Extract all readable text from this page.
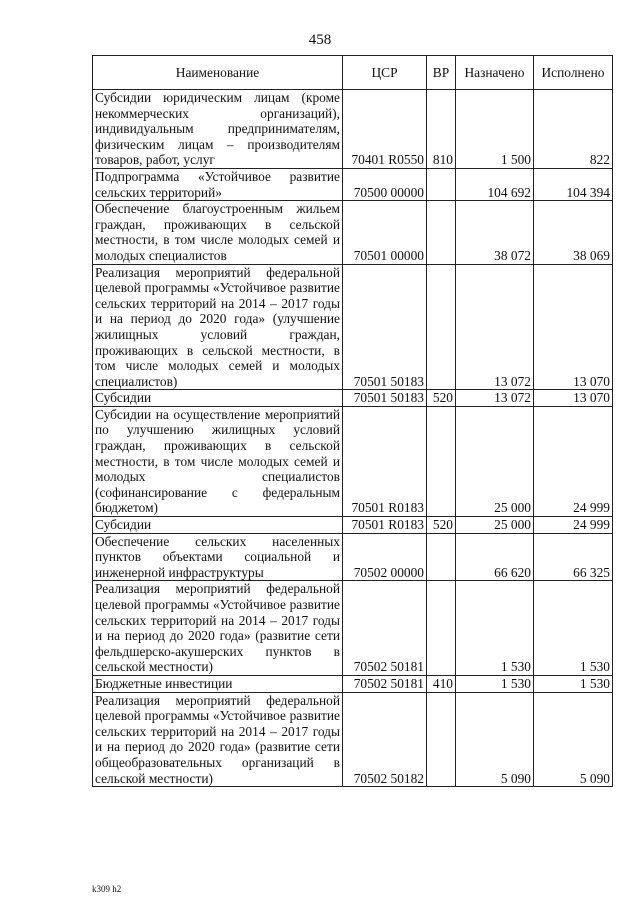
458
Наименование	ЦСР	ВР	Назначено	Исполнено
Субсидии юридическим лицам (кроме некоммерческих организаций), индивидуальным предпринимателям, физическим лицам – производителям товаров, работ, услуг	70401 R0550	810	1 500	822
Подпрограмма «Устойчивое развитие сельских территорий»	70500 00000		104 692	104 394
Обеспечение благоустроенным жильем граждан, проживающих в сельской местности, в том числе молодых семей и молодых специалистов	70501 00000		38 072	38 069
Реализация мероприятий федеральной целевой программы «Устойчивое развитие сельских территорий на 2014 – 2017 годы и на период до 2020 года» (улучшение жилищных условий граждан, проживающих в сельской местности, в том числе молодых семей и молодых специалистов)	70501 50183		13 072	13 070
Субсидии	70501 50183	520	13 072	13 070
Субсидии на осуществление мероприятий по улучшению жилищных условий граждан, проживающих в сельской местности, в том числе молодых семей и молодых специалистов (софинансирование с федеральным бюджетом)	70501 R0183		25 000	24 999
Субсидии	70501 R0183	520	25 000	24 999
Обеспечение сельских населенных пунктов объектами социальной и инженерной инфраструктуры	70502 00000		66 620	66 325
Реализация мероприятий федеральной целевой программы «Устойчивое развитие сельских территорий на 2014 – 2017 годы и на период до 2020 года» (развитие сети фельдшерско-акушерских пунктов в сельской местности)	70502 50181		1 530	1 530
Бюджетные инвестиции	70502 50181	410	1 530	1 530
Реализация мероприятий федеральной целевой программы «Устойчивое развитие сельских территорий на 2014 – 2017 годы и на период до 2020 года» (развитие сети общеобразовательных организаций в сельской местности)	70502 50182		5 090	5 090
k309 h2
